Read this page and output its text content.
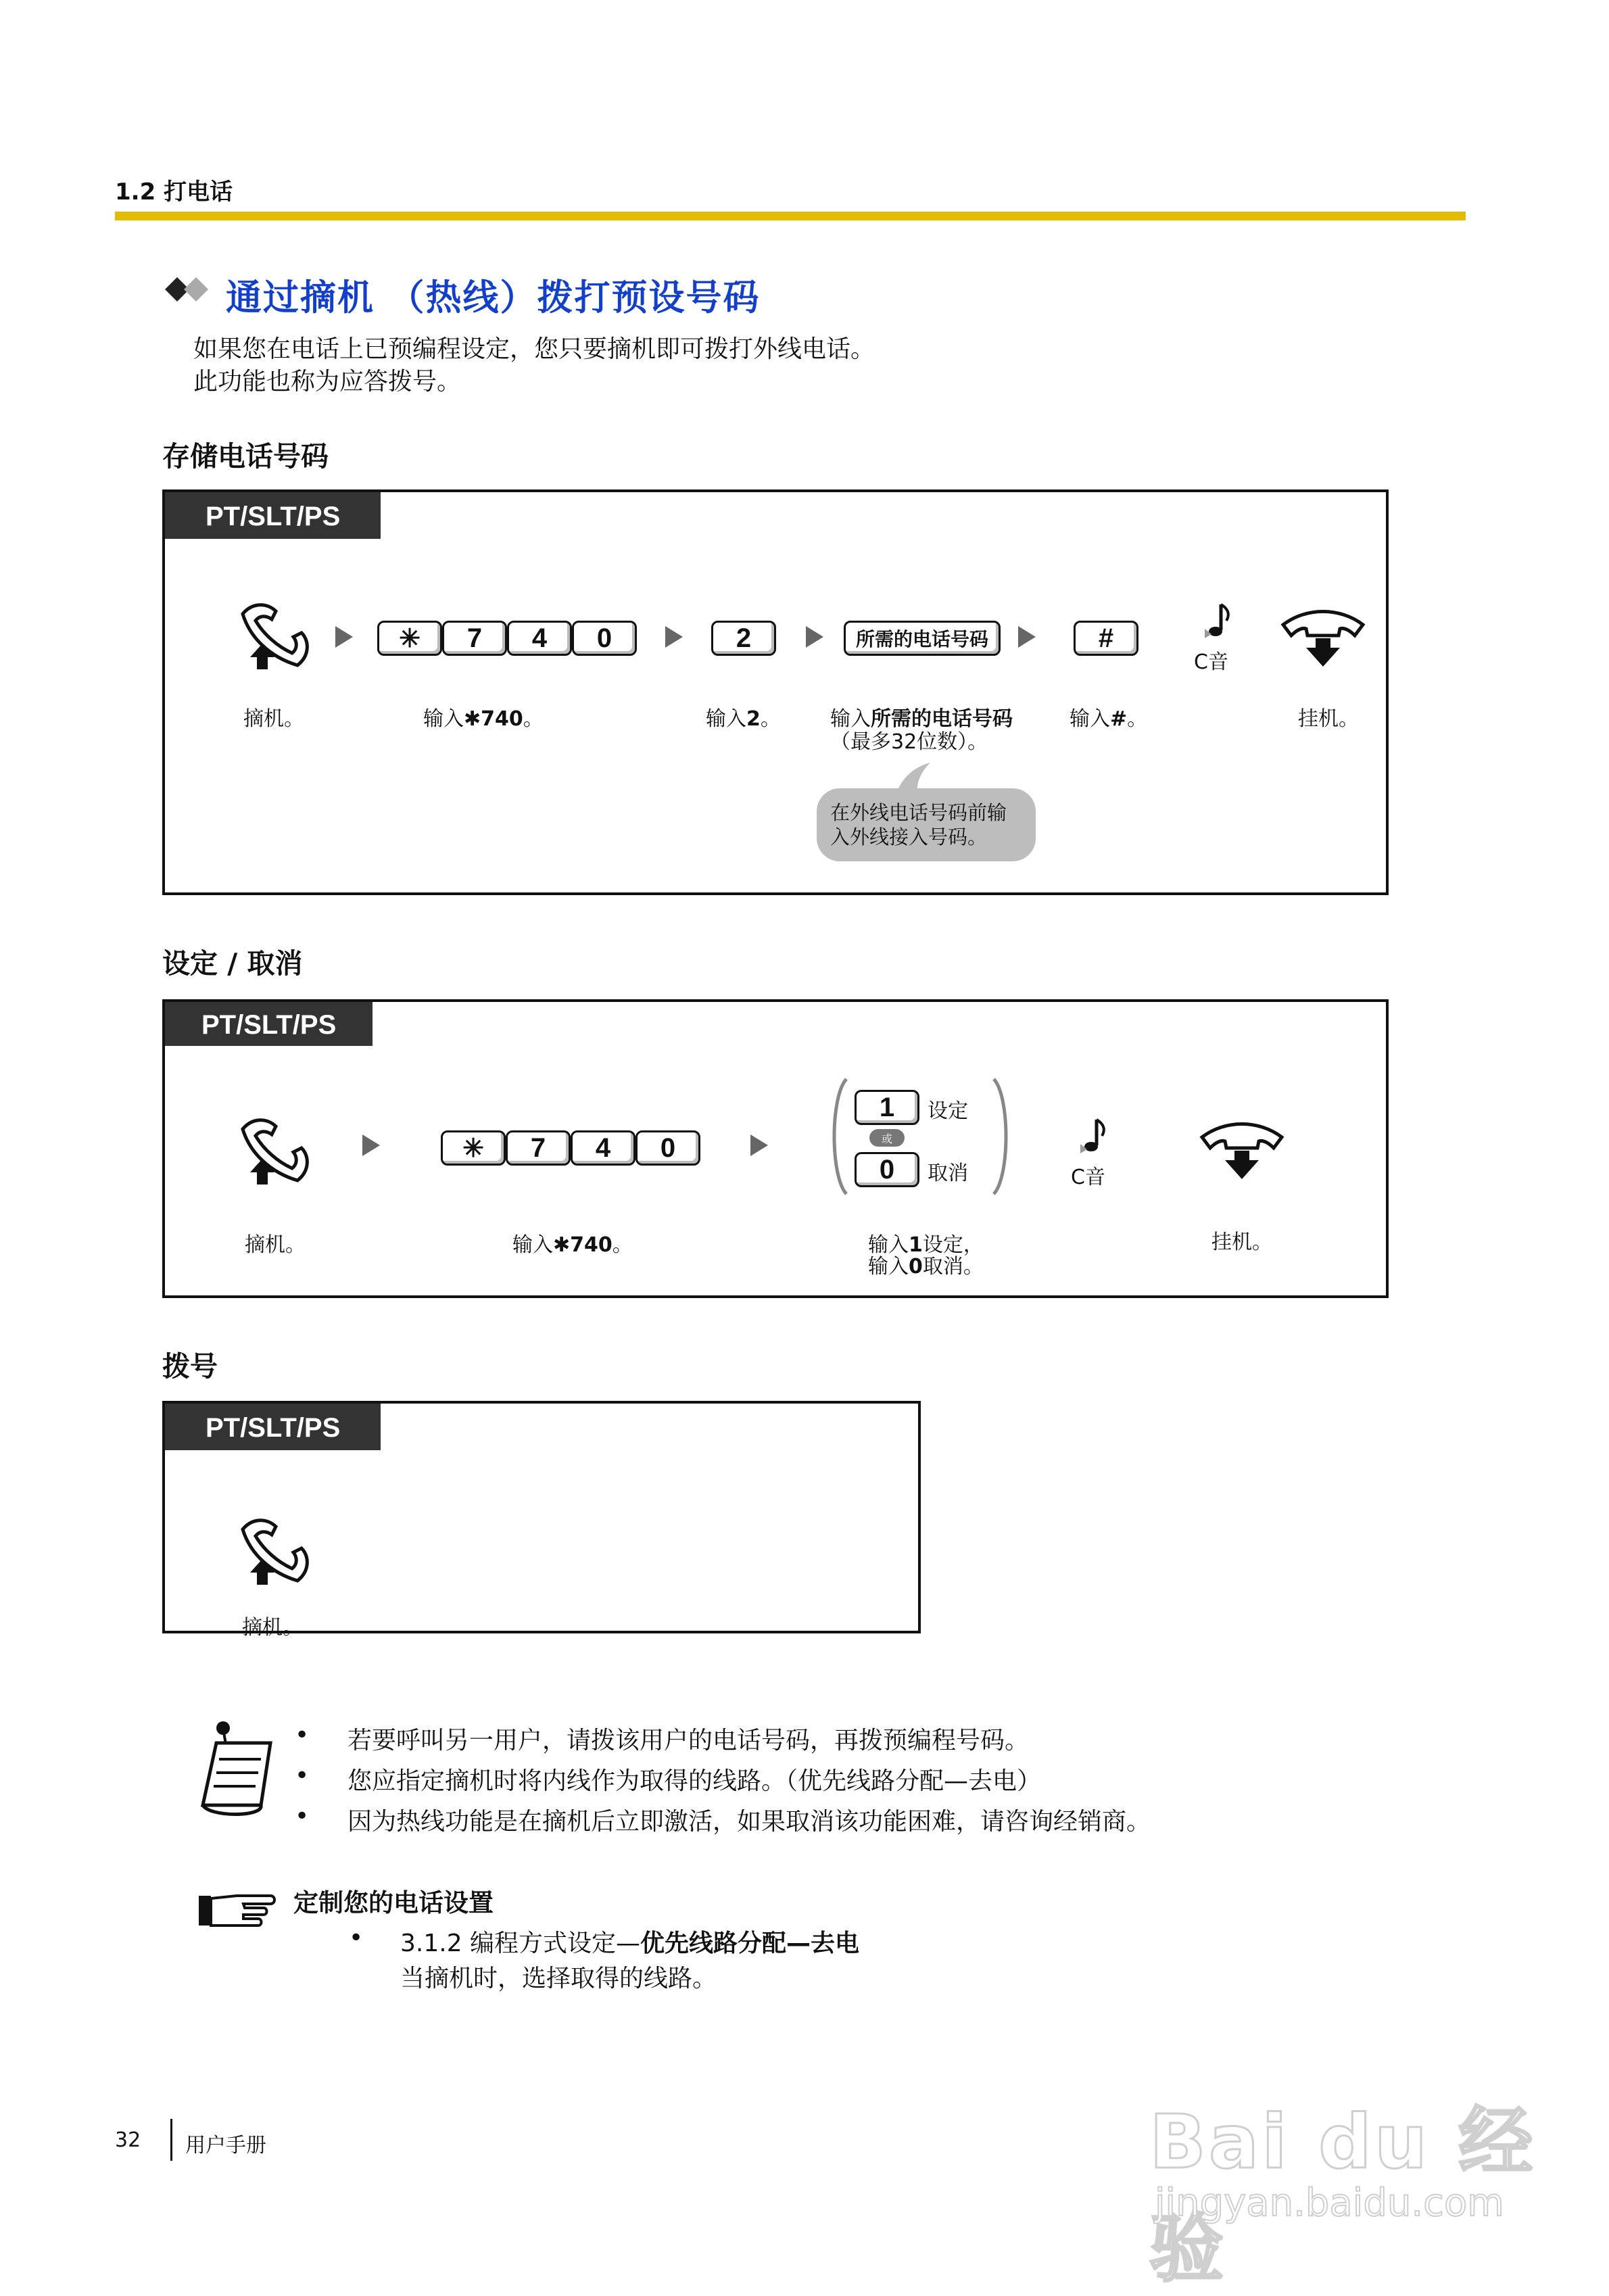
1.2 打电话
通过摘机 （热线）拨打预设号码
如果您在电话上已预编程设定，您只要摘机即可拨打外线电话。
此功能也称为应答拨号。
存储电话号码
PT/SLT/PS
✳	7	4	0	2	所需的电话号码	#
C音
摘机。	输入✱740。	输入2。 输入所需的电话号码
（最多32位数）。
输入#。	挂机。
在外线电话号码前输
入外线接入号码。
设定 / 取消
PT/SLT/PS
✳	7	4	0
1	设定
或
0	取消	C音
摘机。	输入✱740。	输入1设定，
输入0取消。
挂机。
拨号
PT/SLT/PS
摘机。
• 若要呼叫另一用户，请拨该用户的电话号码，再拨预编程号码。
• 您应指定摘机时将内线作为取得的线路。（优先线路分配—去电）
• 因为热线功能是在摘机后立即激活，如果取消该功能困难，请咨询经销商。
定制您的电话设置
• 3.1.2 编程方式设定—优先线路分配—去电
当摘机时，选择取得的线路。
32 用户手册	Bai du 经验
jingyan.baidu.com
